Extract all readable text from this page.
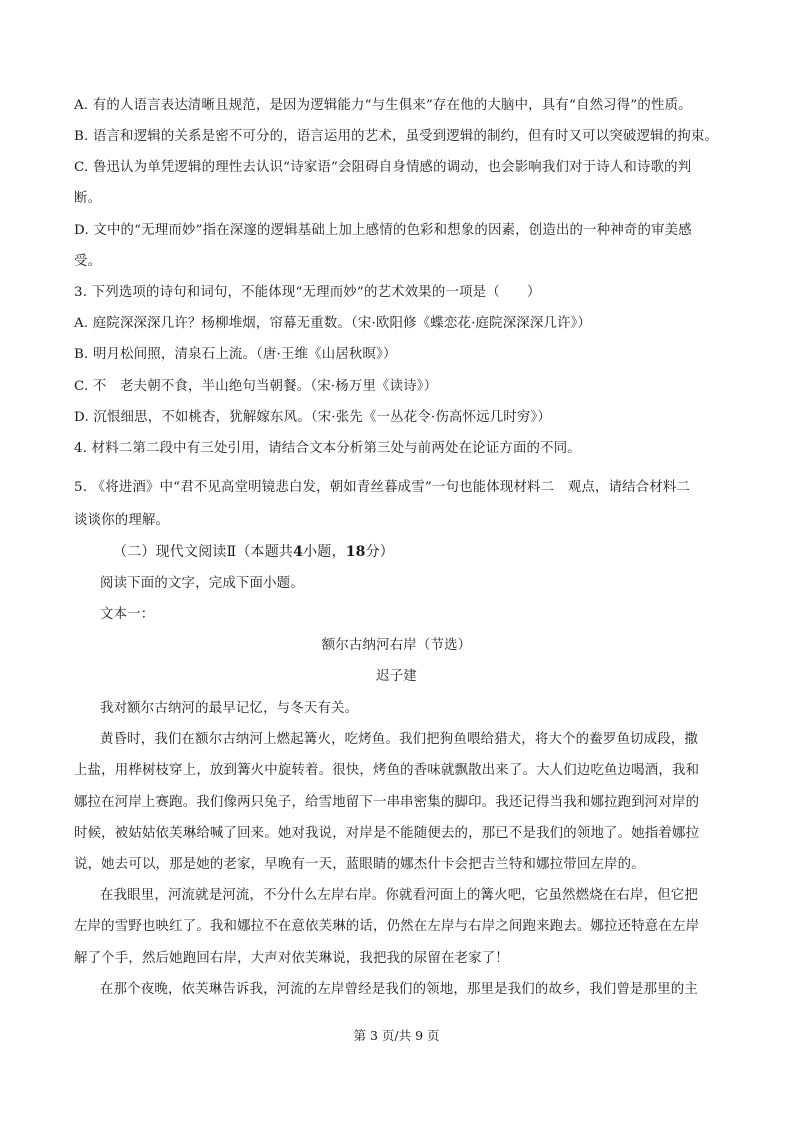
A. 有的人语言表达清晰且规范，是因为逻辑能力“与生俱来”存在他的大脑中，具有“自然习得”的性质。
B. 语言和逻辑的关系是密不可分的，语言运用的艺术，虽受到逻辑的制约，但有时又可以突破逻辑的拘束。
C. 鲁迅认为单凭逻辑的理性去认识“诗家语”会阻碍自身情感的调动，也会影响我们对于诗人和诗歌的判
断。
D. 文中的“无理而妙”指在深邃的逻辑基础上加上感情的色彩和想象的因素，创造出的一种神奇的审美感
受。
3. 下列选项的诗句和词句，不能体现“无理而妙”的艺术效果的一项是（　　）
A. 庭院深深深几许？杨柳堆烟，帘幕无重数。（宋·欧阳修《蝶恋花·庭院深深深几许》）
B. 明月松间照，清泉石上流。（唐·王维《山居秋暝》）
C. 不　老夫朝不食，半山绝句当朝餐。（宋·杨万里《读诗》）
D. 沉恨细思，不如桃杏，犹解嫁东风。（宋·张先《一丛花令·伤高怀远几时穷》）
4. 材料二第二段中有三处引用，请结合文本分析第三处与前两处在论证方面的不同。
5. 《将进酒》中“君不见高堂明镜悲白发，朝如青丝暮成雪”一句也能体现材料二　观点，请结合材料二
谈谈你的理解。
（二）现代文阅读Ⅱ（本题共4小题，18分）
阅读下面的文字，完成下面小题。
文本一：
额尔古纳河右岸（节选）
迟子建
我对额尔古纳河的最早记忆，与冬天有关。
黄昏时，我们在额尔古纳河上燃起篝火，吃烤鱼。我们把狗鱼喂给猎犬，将大个的鲞罗鱼切成段，撒
上盐，用桦树枝穿上，放到篝火中旋转着。很快，烤鱼的香味就飘散出来了。大人们边吃鱼边喝酒，我和
娜拉在河岸上赛跑。我们像两只兔子，给雪地留下一串串密集的脚印。我还记得当我和娜拉跑到河对岸的
时候，被姑姑依芙琳给喊了回来。她对我说，对岸是不能随便去的，那已不是我们的领地了。她指着娜拉
说，她去可以，那是她的老家，早晚有一天，蓝眼睛的娜杰什卡会把吉兰特和娜拉带回左岸的。
在我眼里，河流就是河流，不分什么左岸右岸。你就看河面上的篝火吧，它虽然燃烧在右岸，但它把
左岸的雪野也映红了。我和娜拉不在意依芙琳的话，仍然在左岸与右岸之间跑来跑去。娜拉还特意在左岸
解了个手，然后她跑回右岸，大声对依芙琳说，我把我的尿留在老家了！
在那个夜晚，依芙琳告诉我，河流的左岸曾经是我们的领地，那里是我们的故乡，我们曾是那里的主
第 3 页/共 9 页
